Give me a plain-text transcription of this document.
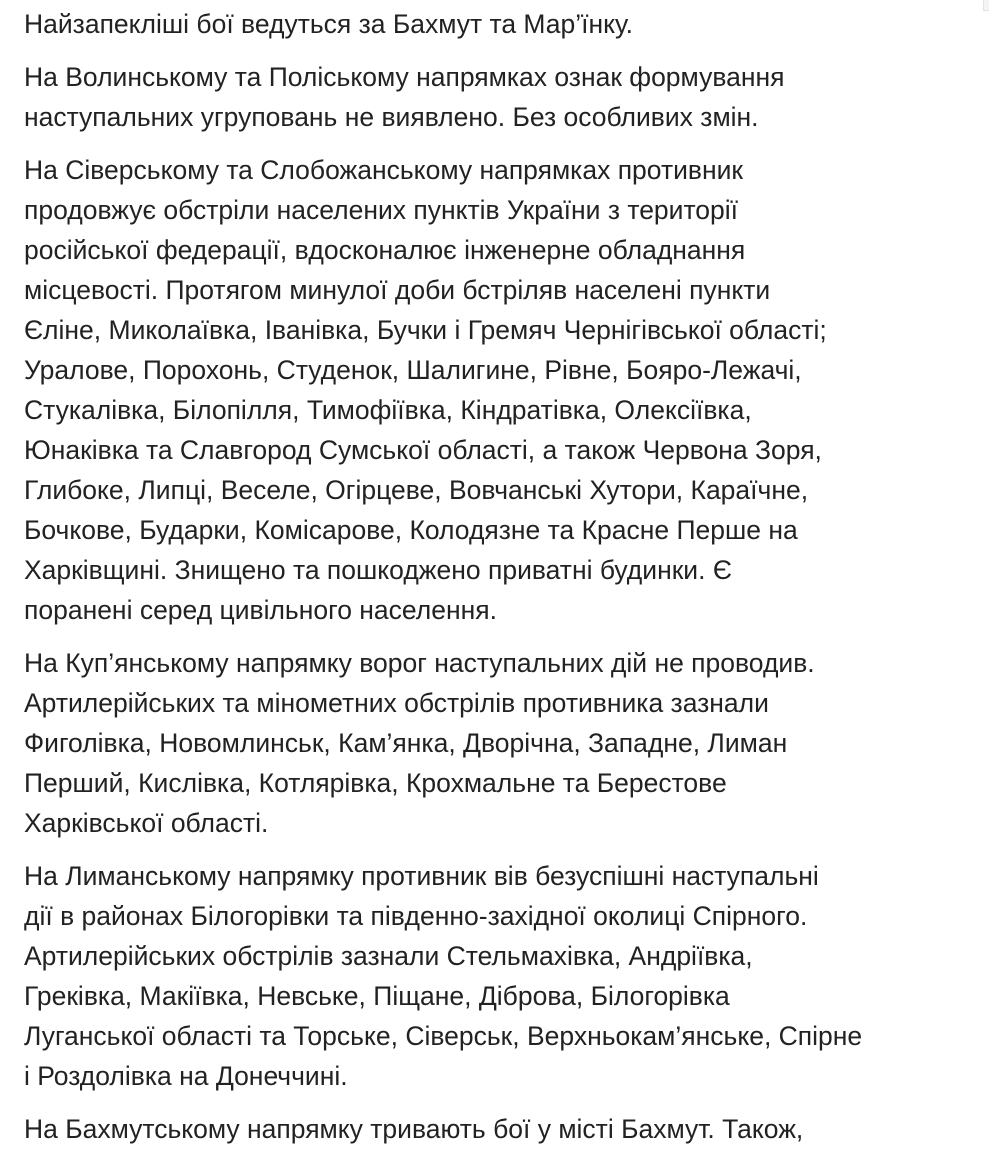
Найзапекліші бої ведуться за Бахмут та Мар’їнку.

На Волинському та Поліському напрямках ознак формування
наступальних угруповань не виявлено. Без особливих змін.

На Сіверському та Слобожанському напрямках противник
продовжує обстріли населених пунктів України з території
російської федерації, вдосконалює інженерне обладнання
місцевості. Протягом минулої доби бстріляв населені пункти
Єліне, Миколаївка, Іванівка, Бучки і Гремяч Чернігівської області;
Уралове, Порохонь, Студенок, Шалигине, Рівне, Бояро-Лежачі,
Стукалівка, Білопілля, Тимофіївка, Кіндратівка, Олексіївка,
Юнаківка та Славгород Сумської області, а також Червона Зоря,
Глибоке, Липці, Веселе, Огірцеве, Вовчанські Хутори, Караїчне,
Бочкове, Бударки, Комісарове, Колодязне та Красне Перше на
Харківщині. Знищено та пошкоджено приватні будинки. Є
поранені серед цивільного населення.

На Куп’янському напрямку ворог наступальних дій не проводив.
Артилерійських та мінометних обстрілів противника зазнали
Фиголівка, Новомлинськ, Кам’янка, Дворічна, Западне, Лиман
Перший, Кислівка, Котлярівка, Крохмальне та Берестове
Харківської області.

На Лиманському напрямку противник вів безуспішні наступальні
дії в районах Білогорівки та південно-західної околиці Спірного.
Артилерійських обстрілів зазнали Стельмахівка, Андріївка,
Греківка, Макіївка, Невське, Піщане, Діброва, Білогорівка
Луганської області та Торське, Сіверськ, Верхньокам’янське, Спірне
і Роздолівка на Донеччині.

На Бахмутському напрямку тривають бої у місті Бахмут. Також,
